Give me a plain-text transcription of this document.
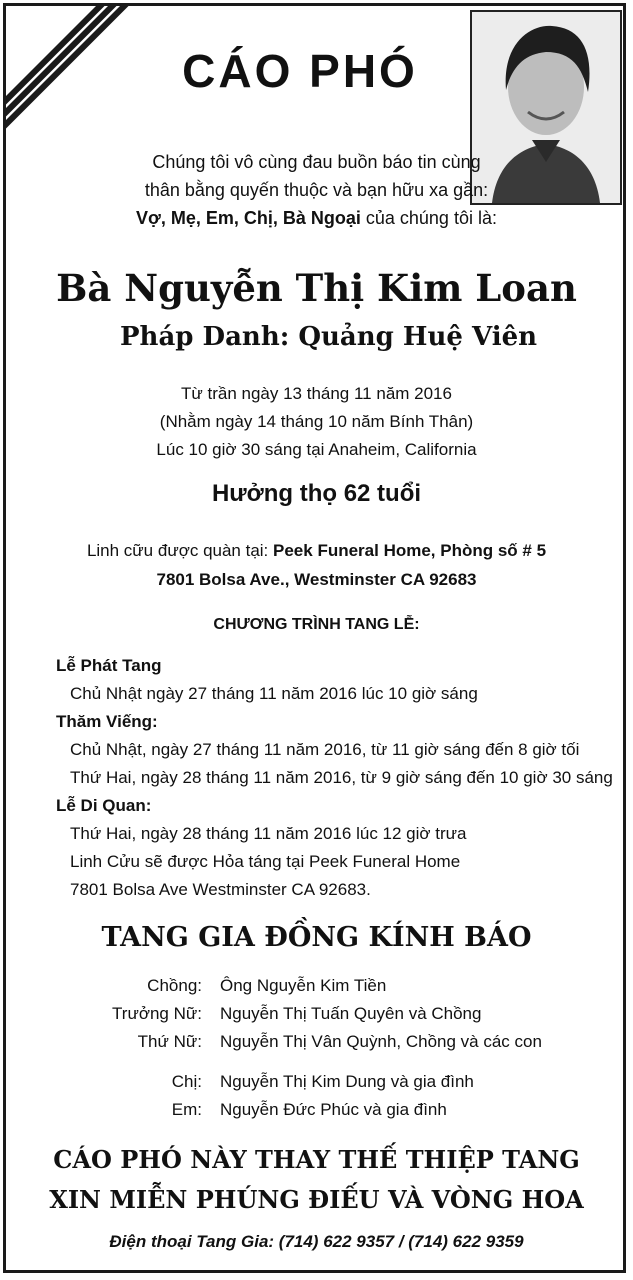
CÁO PHÓ
Chúng tôi vô cùng đau buồn báo tin cùng
thân bằng quyến thuộc và bạn hữu xa gần:
Vợ, Mẹ, Em, Chị, Bà Ngoại của chúng tôi là:
Bà Nguyễn Thị Kim Loan
Pháp Danh: Quảng Huệ Viên
Từ trần ngày 13 tháng 11 năm 2016
(Nhằm ngày 14 tháng 10 năm Bính Thân)
Lúc 10 giờ 30 sáng tại Anaheim, California
Hưởng thọ 62 tuổi
Linh cữu được quàn tại: Peek Funeral Home, Phòng số # 5
7801 Bolsa Ave., Westminster CA 92683
CHƯƠNG TRÌNH TANG LỄ:
Lễ Phát Tang
Chủ Nhật ngày 27 tháng 11 năm 2016 lúc 10 giờ sáng
Thăm Viếng:
Chủ Nhật, ngày 27 tháng 11 năm 2016, từ 11 giờ sáng đến 8 giờ tối
Thứ Hai, ngày 28 tháng 11 năm 2016, từ 9 giờ sáng đến 10 giờ 30 sáng
Lễ Di Quan:
Thứ Hai, ngày 28 tháng 11 năm 2016 lúc 12 giờ trưa
Linh Cửu sẽ được Hỏa táng tại Peek Funeral Home
7801 Bolsa Ave Westminster CA 92683.
TANG GIA ĐỒNG KÍNH BÁO
Chồng:	Ông Nguyễn Kim Tiền
Trưởng Nữ:	Nguyễn Thị Tuấn Quyên và Chồng
Thứ Nữ:	Nguyễn Thị Vân Quỳnh, Chồng và các con
Chị:	Nguyễn Thị Kim Dung và gia đình
Em:	Nguyễn Đức Phúc và gia đình
CÁO PHÓ NÀY THAY THẾ THIỆP TANG
XIN MIỄN PHÚNG ĐIẾU VÀ VÒNG HOA
Điện thoại Tang Gia: (714) 622 9357 / (714) 622 9359
